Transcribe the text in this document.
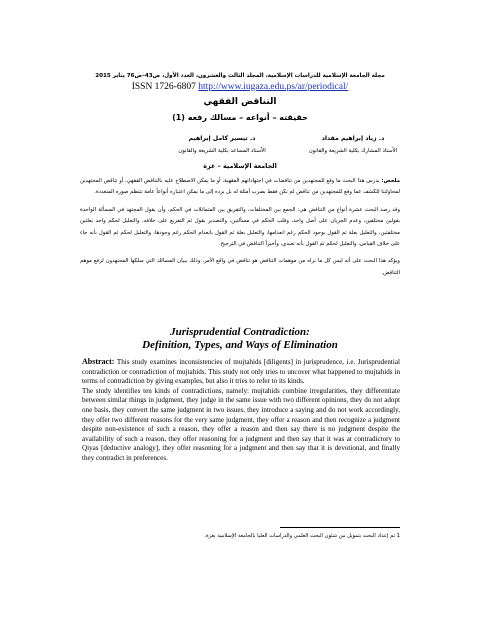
مجلة الجامعة الإسلامية للدراسات الإسلامية، المجلد الثالث والعشرون، العدد الأول، ص43–ص76 يناير 2015
ISSN 1726-6807 http://www.iugaza.edu.ps/ar/periodical/
التناقض الفقهي
حقيقته – أنواعه – مسالك رفعه (1)
د. زياد إبراهيم مقداد
الأستاذ المشارك بكلية الشريعة والقانون
د. تيسير كامل إبراهيم
الأستاذ المساعد بكلية الشريعة والقانون
الجامعة الإسلامية – غزة

ملخص: يدرس هذا البحث ما وقع للمجتهدين من تناقضات في اجتهاداتهم الفقهية، أو ما يمكن الاصطلاح عليه بالتناقض الفقهي، أو تناقض المجتهدين لمحاولتنا للكشف عما وقع للمجتهدين من تناقض لم نكن فقط بضرب أمثلة له بل برده إلى ما يمكن اعتباره أنواعاً عامة تنتظم صوره المتعددة.

وقد رصد البحث عشرة أنواع من التناقض هي: الجمع بين المختلفات، والتفريق بين المتماثلات في الحكم، وأن يقول المجتهد في المسألة الواحدة بقولين مختلفين، وعدم الجريان على أصل واحد، وقلب الحكم في مسألتين، والتصدير بقول ثم التفريع على خلافه، والتعليل لحكم واحد بعلتين مختلفتين، والتعليل بعلة ثم القول بوجود الحكم رغم انعدامها، والتعليل بعلة ثم القول بانعدام الحكم رغم وجودها، والتعليل لحكم ثم القول بأنه جاء على خلاف القياس، والتعليل لحكم ثم القول بأنه تعبدي، وأخيراً التناقض في الترجيح.

ويؤكد هذا البحث على أنه ليس كل ما نراه من موهمات التناقض هو تناقض في واقع الأمر، وذلك ببيان المسالك التي سلكها المجتهدون لرفع موهم التناقض.

Jurisprudential Contradiction:
Definition, Types, and Ways of Elimination

Abstract: This study examines inconsistencies of mujtahids [diligents] in jurisprudence, i.e. Jurisprudential contradiction or contradiction of mujtahids. This study not only tries to uncover what happened to mujtahids in terms of contradiction by giving examples, but also it tries to refer to its kinds.

The study identifies ten kinds of contradictions, namely: mujtahids combine irregularities, they differentiate between similar things in judgment, they judge in the same issue with two different opinions, they do not adopt one basis, they convert the same judgment in two issues, they introduce a saying and do not work accordingly, they offer two different reasons for the very same judgment, they offer a reason and then recognize a judgment despite non-existence of such a reason, they offer a reason and then say there is no judgment despite the availability of such a reason, they offer reasoning for a judgment and then say that it was at contradictory to Qiyas [deductive analogy], they offer reasoning for a judgment and then say that it is devotional, and finally they contradict in preferences.

1 تم إعداد البحث بتمويل من شئون البحث العلمي والدراسات العليا بالجامعة الإسلامية بغزة.
